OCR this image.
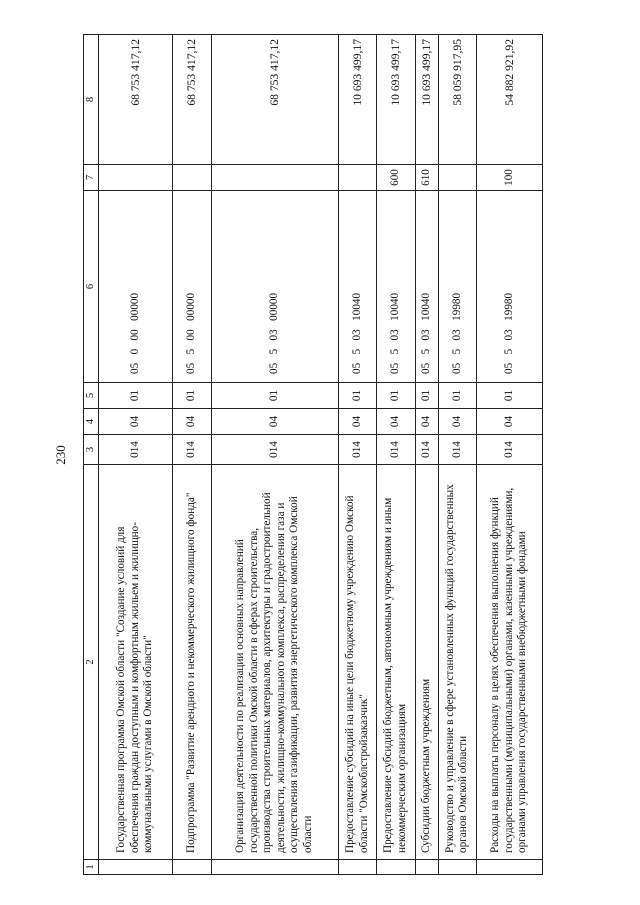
230
1	2	3	4	5	6	7	8
	Государственная программа Омской области "Создание условий для обеспечения граждан доступным и комфортным жильем и жилищно-коммунальными услугами в Омской области"	014	04	01	05   0   00   00000		68 753 417,12
	Подпрограмма "Развитие арендного и некоммерческого жилищного фонда"	014	04	01	05   5   00   00000		68 753 417,12
	Организация деятельности по реализации основных направлений государственной политики Омской области в сферах строительства, производства строительных материалов, архитектуры и градостроительной деятельности, жилищно-коммунального комплекса, распределения газа и осуществления газификации, развития энергетического комплекса Омской области	014	04	01	05   5   03   00000		68 753 417,12
	Предоставление субсидий на иные цели бюджетному учреждению Омской области "Омскоблстройзаказчик"	014	04	01	05   5   03   10040		10 693 499,17
	Предоставление субсидий бюджетным, автономным учреждениям и иным некоммерческим организациям	014	04	01	05   5   03   10040	600	10 693 499,17
	Субсидии бюджетным учреждениям	014	04	01	05   5   03   10040	610	10 693 499,17
	Руководство и управление в сфере установленных функций государственных органов Омской области	014	04	01	05   5   03   19980		58 059 917,95
	Расходы на выплаты персоналу в целях обеспечения выполнения функций государственными (муниципальными) органами, казенными учреждениями, органами управления государственными внебюджетными фондами	014	04	01	05   5   03   19980	100	54 882 921,92
